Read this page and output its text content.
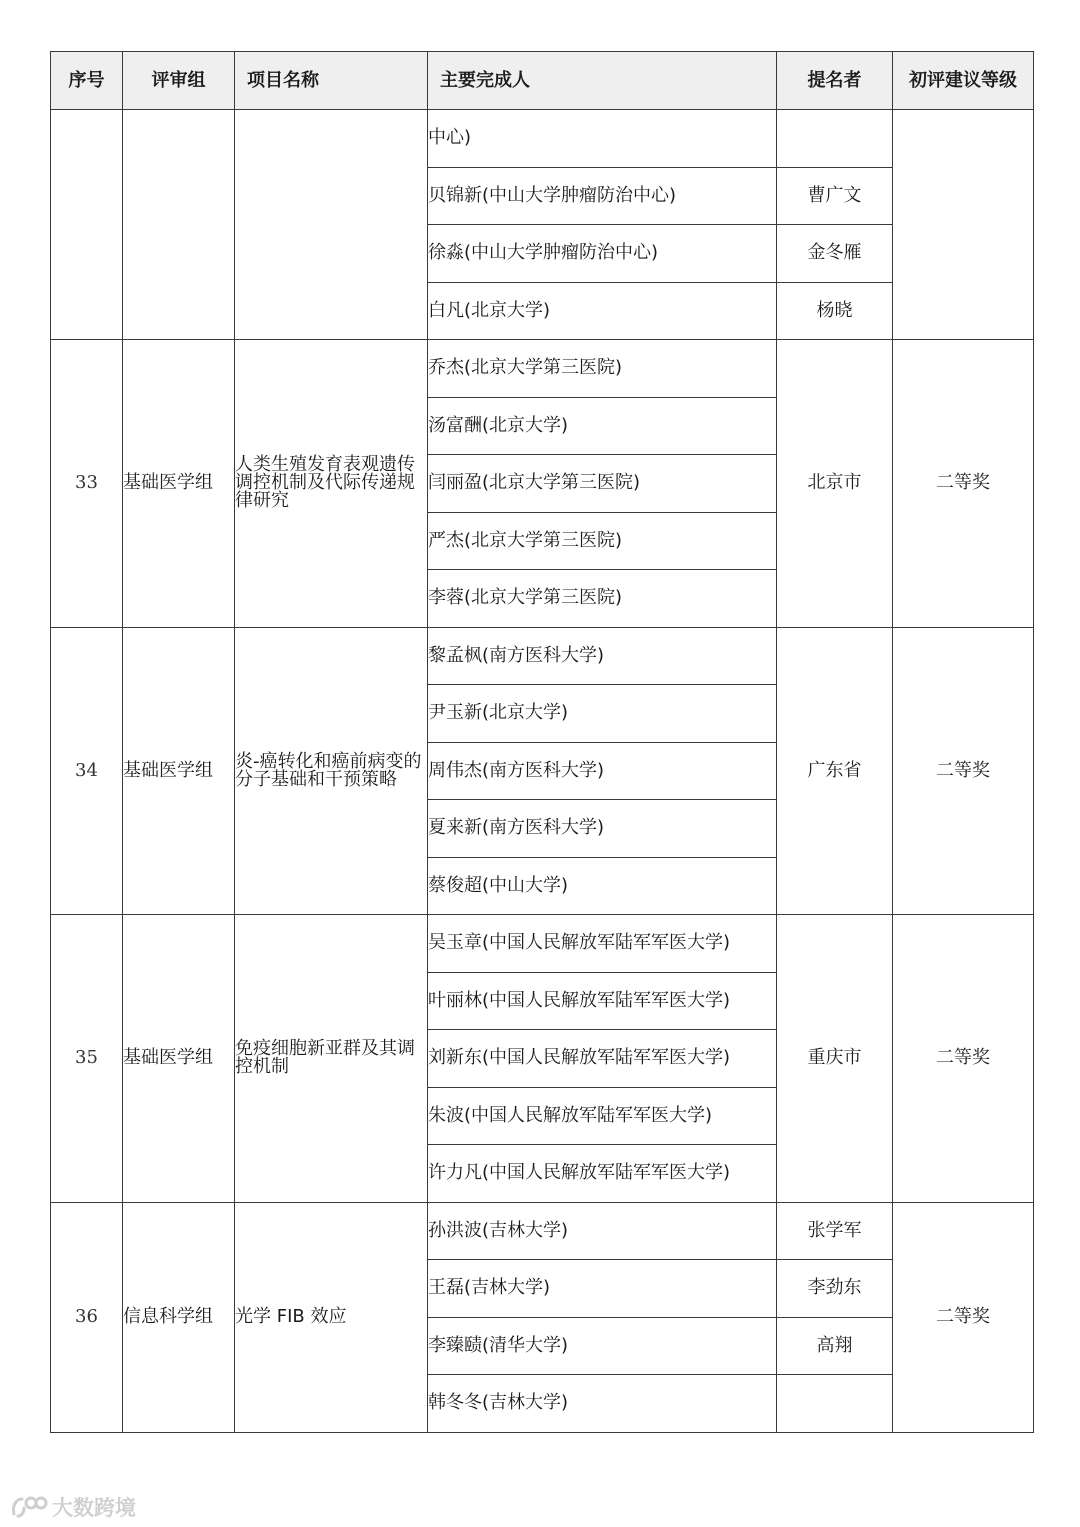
序号	评审组	项目名称	主要完成人	提名者	初评建议等级
			中心)		
			贝锦新(中山大学肿瘤防治中心)	曹广文	
			徐淼(中山大学肿瘤防治中心)	金冬雁	
			白凡(北京大学)	杨晓	
33	基础医学组	人类生殖发育表观遗传调控机制及代际传递规律研究	乔杰(北京大学第三医院)	北京市	二等奖
			汤富酬(北京大学)		
			闫丽盈(北京大学第三医院)		
			严杰(北京大学第三医院)		
			李蓉(北京大学第三医院)		
34	基础医学组	炎-癌转化和癌前病变的分子基础和干预策略	黎孟枫(南方医科大学)	广东省	二等奖
			尹玉新(北京大学)		
			周伟杰(南方医科大学)		
			夏来新(南方医科大学)		
			蔡俊超(中山大学)		
35	基础医学组	免疫细胞新亚群及其调控机制	吴玉章(中国人民解放军陆军军医大学)	重庆市	二等奖
			叶丽林(中国人民解放军陆军军医大学)		
			刘新东(中国人民解放军陆军军医大学)		
			朱波(中国人民解放军陆军军医大学)		
			许力凡(中国人民解放军陆军军医大学)		
36	信息科学组	光学 FIB 效应	孙洪波(吉林大学)	张学军	二等奖
			王磊(吉林大学)	李劲东	
			李臻赜(清华大学)	高翔	
			韩冬冬(吉林大学)		
大数跨境
